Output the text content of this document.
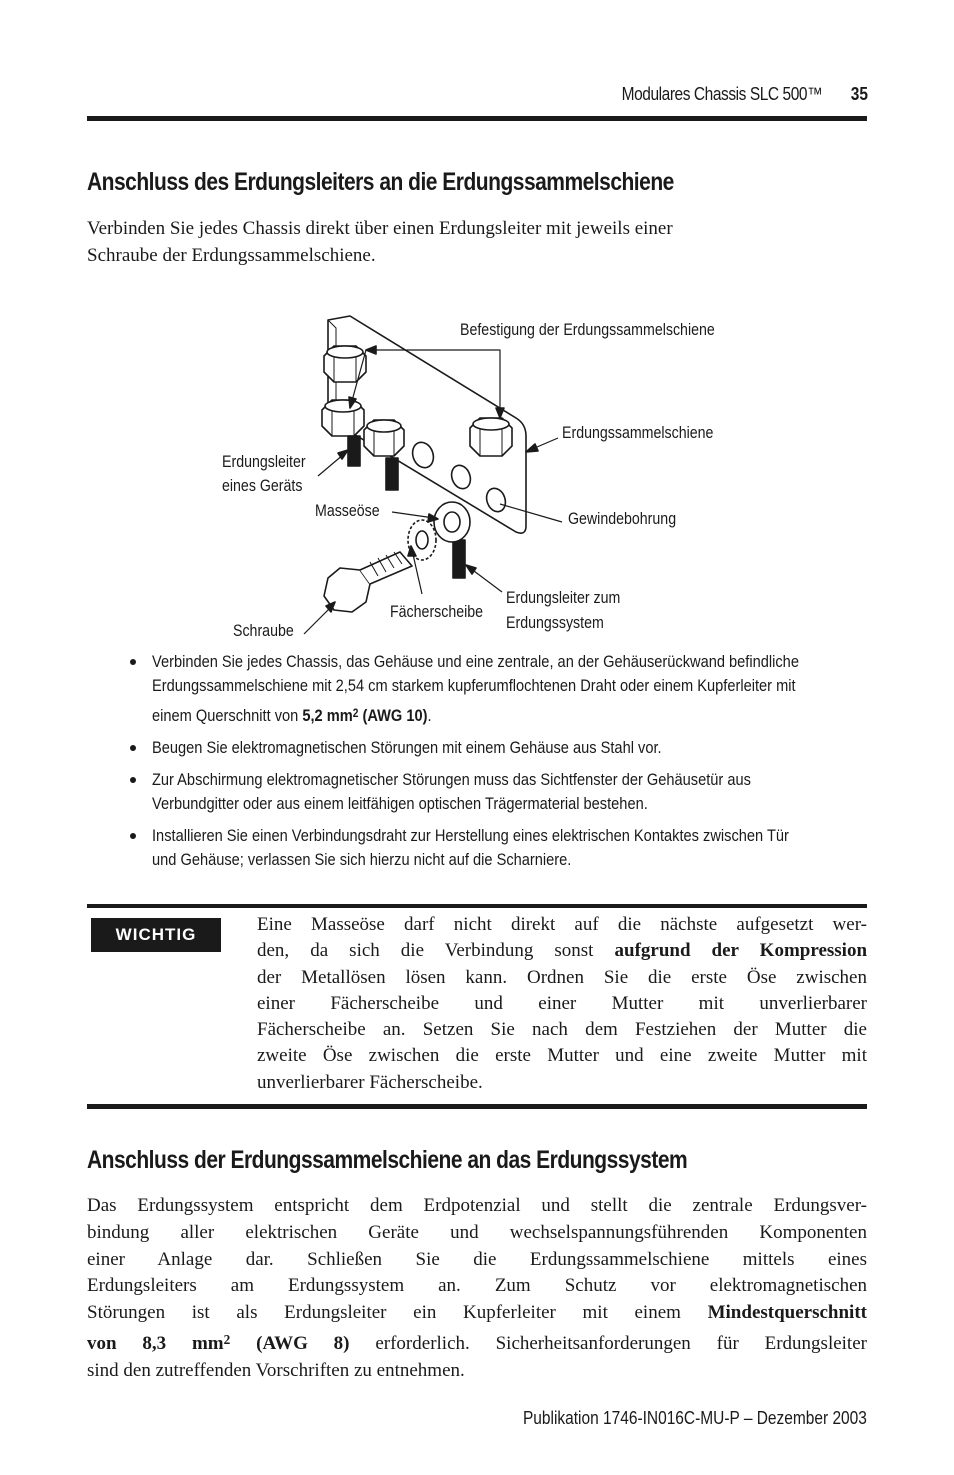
Modulares Chassis SLC 500™ 35
Anschluss des Erdungsleiters an die Erdungssammelschiene
Verbinden Sie jedes Chassis direkt über einen Erdungsleiter mit jeweils einer
Schraube der Erdungssammelschiene.
Befestigung der Erdungssammelschiene
Erdungssammelschiene
Erdungsleiter
eines Geräts
Masseöse	Gewindebohrung
Erdungsleiter zum
Erdungssystem
Fächerscheibe
Schraube
Verbinden Sie jedes Chassis, das Gehäuse und eine zentrale, an der Gehäuserückwand befindliche
Erdungssammelschiene mit 2,54 cm starkem kupferumflochtenen Draht oder einem Kupferleiter mit
einem Querschnitt von 5,2 $mm^2$ (AWG 10).
Beugen Sie elektromagnetischen Störungen mit einem Gehäuse aus Stahl vor.
Zur Abschirmung elektromagnetischer Störungen muss das Sichtfenster der Gehäusetür aus
Verbundgitter oder aus einem leitfähigen optischen Trägermaterial bestehen.
Installieren Sie einen Verbindungsdraht zur Herstellung eines elektrischen Kontaktes zwischen Tür
und Gehäuse; verlassen Sie sich hierzu nicht auf die Scharniere.
WICHTIG	Eine Masseöse darf nicht direkt auf die nächste aufgesetzt wer-
den, da sich die Verbindung sonst aufgrund der Kompression
der Metallösen lösen kann. Ordnen Sie die erste Öse zwischen
einer Fächerscheibe und einer Mutter mit unverlierbarer
Fächerscheibe an. Setzen Sie nach dem Festziehen der Mutter die
zweite Öse zwischen die erste Mutter und eine zweite Mutter mit
unverlierbarer Fächerscheibe.
Anschluss der Erdungssammelschiene an das Erdungssystem
Das Erdungssystem entspricht dem Erdpotenzial und stellt die zentrale Erdungsver-
bindung aller elektrischen Geräte und wechselspannungsführenden Komponenten
einer Anlage dar. Schließen Sie die Erdungssammelschiene mittels eines
Erdungsleiters am Erdungssystem an. Zum Schutz vor elektromagnetischen
Störungen ist als Erdungsleiter ein Kupferleiter mit einem Mindestquerschnitt
von 8,3 $mm^2$ (AWG 8) erforderlich. Sicherheitsanforderungen für Erdungsleiter
sind den zutreffenden Vorschriften zu entnehmen.
Publikation 1746-IN016C-MU-P – Dezember 2003
